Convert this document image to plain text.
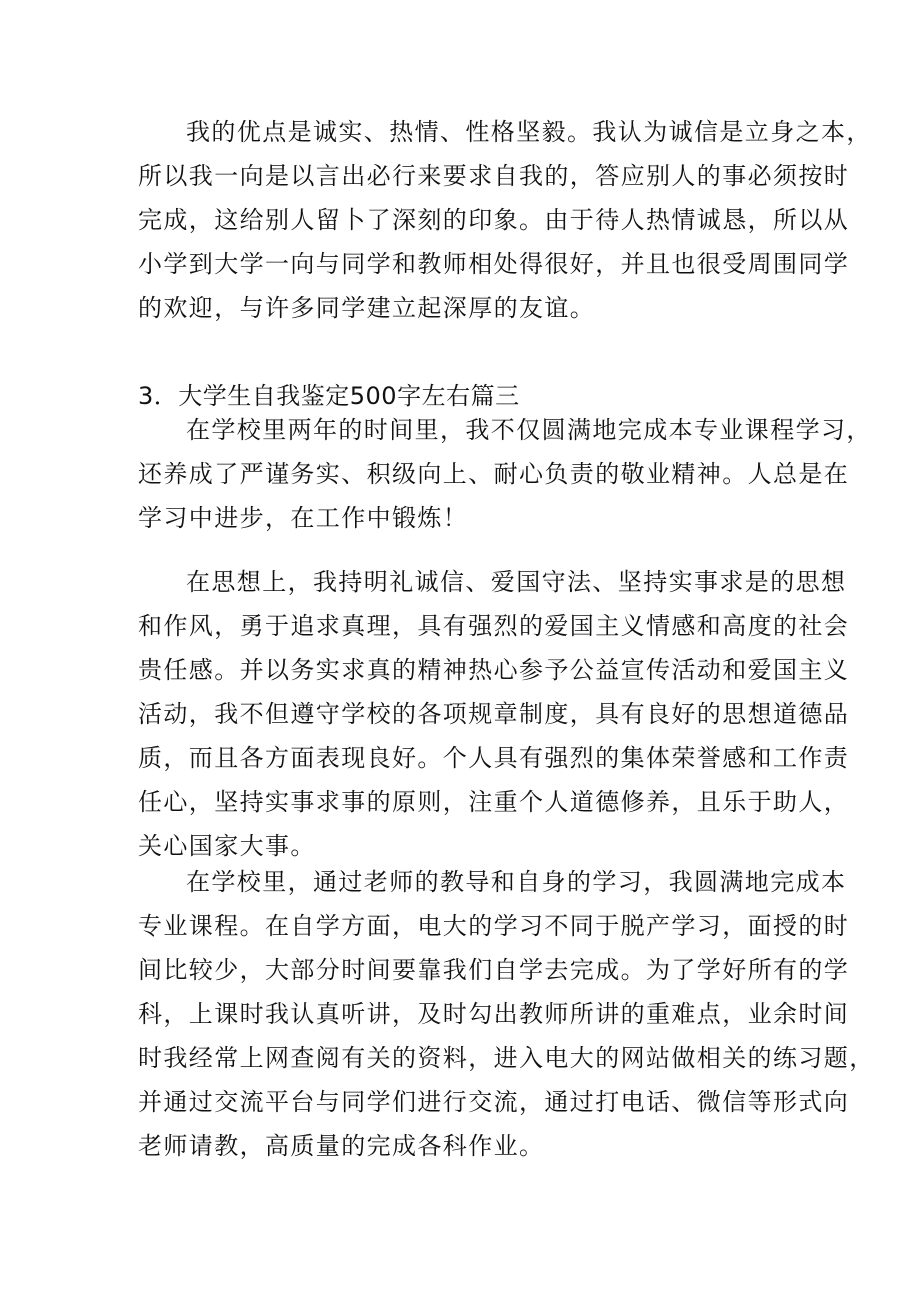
我的优点是诚实、热情、性格坚毅。我认为诚信是立身之本，
所以我一向是以言出必行来要求自我的，答应别人的事必须按时
完成，这给别人留卜了深刻的印象。由于待人热情诚恳，所以从
小学到大学一向与同学和教师相处得很好，并且也很受周围同学
的欢迎，与许多同学建立起深厚的友谊。
3．大学生自我鉴定500字左右篇三
在学校里两年的时间里，我不仅圆满地完成本专业课程学习，
还养成了严谨务实、积级向上、耐心负责的敬业精神。人总是在
学习中进步，在工作中锻炼！
在思想上，我持明礼诚信、爱国守法、坚持实事求是的思想
和作风，勇于追求真理，具有强烈的爱国主义情感和高度的社会
贵任感。并以务实求真的精神热心参予公益宣传活动和爱国主义
活动，我不但遵守学校的各项规章制度，具有良好的思想道德品
质，而且各方面表现良好。个人具有强烈的集体荣誉感和工作责
任心，坚持实事求事的原则，注重个人道德修养，且乐于助人，
关心国家大事。
在学校里，通过老师的教导和自身的学习，我圆满地完成本
专业课程。在自学方面，电大的学习不同于脱产学习，面授的时
间比较少，大部分时间要靠我们自学去完成。为了学好所有的学
科，上课时我认真听讲，及时勾出教师所讲的重难点，业余时间
时我经常上网查阅有关的资料，进入电大的网站做相关的练习题，
并通过交流平台与同学们进行交流，通过打电话、微信等形式向
老师请教，高质量的完成各科作业。
